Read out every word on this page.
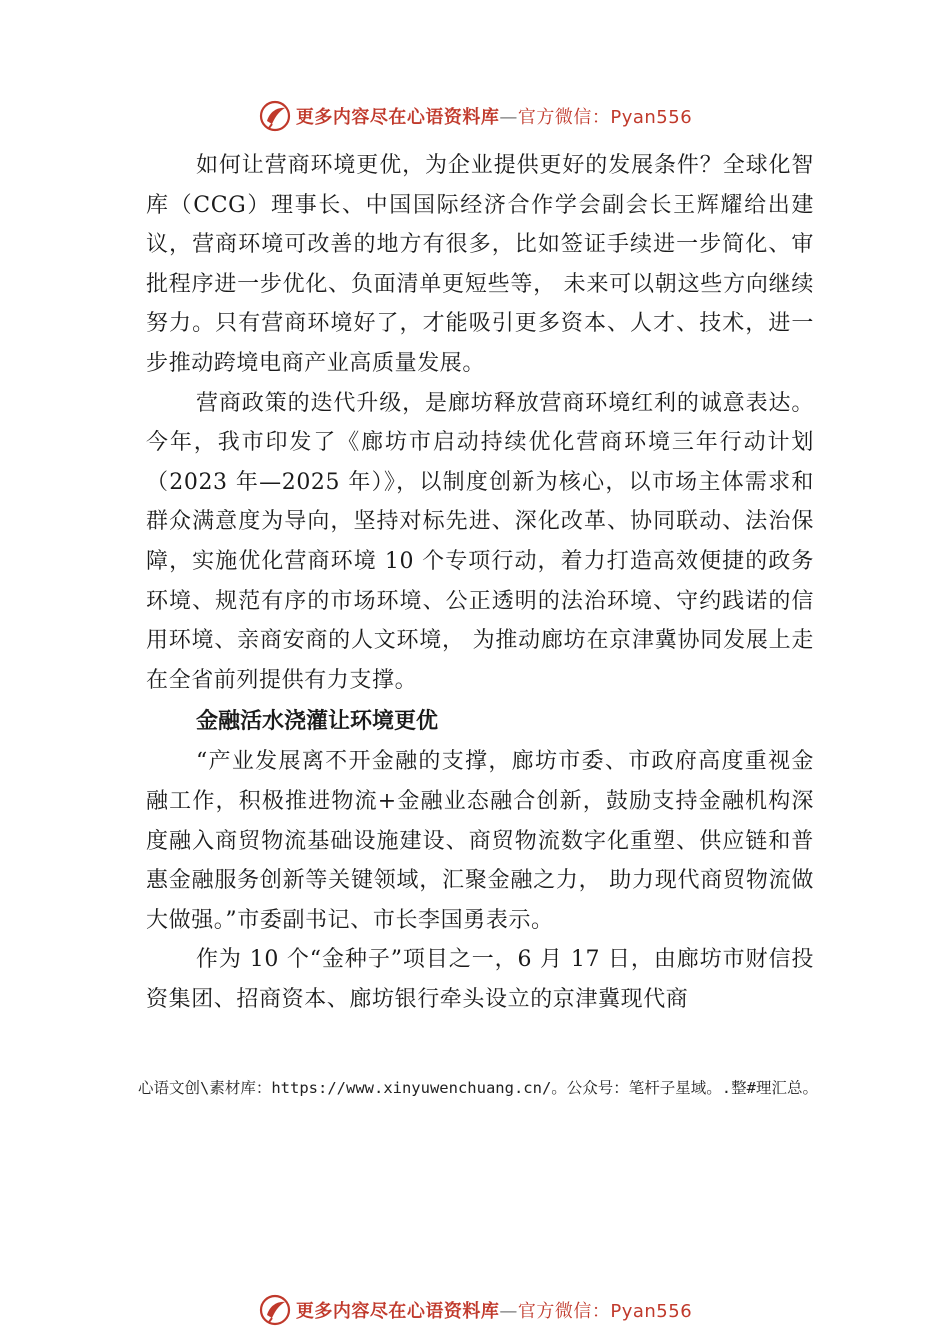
更多内容尽在心语资料库—官方微信：Pyan556

如何让营商环境更优，为企业提供更好的发展条件？全球化智库（CCG）理事长、中国国际经济合作学会副会长王辉耀给出建议，营商环境可改善的地方有很多，比如签证手续进一步简化、审批程序进一步优化、负面清单更短些等， 未来可以朝这些方向继续努力。只有营商环境好了，才能吸引更多资本、人才、技术，进一步推动跨境电商产业高质量发展。

营商政策的迭代升级，是廊坊释放营商环境红利的诚意表达。今年，我市印发了《廊坊市启动持续优化营商环境三年行动计划（2023 年—2025 年）》，以制度创新为核心，以市场主体需求和群众满意度为导向，坚持对标先进、深化改革、协同联动、法治保障，实施优化营商环境 10 个专项行动，着力打造高效便捷的政务环境、规范有序的市场环境、公正透明的法治环境、守约践诺的信用环境、亲商安商的人文环境， 为推动廊坊在京津冀协同发展上走在全省前列提供有力支撑。

金融活水浇灌让环境更优

“产业发展离不开金融的支撑，廊坊市委、市政府高度重视金融工作，积极推进物流+金融业态融合创新，鼓励支持金融机构深度融入商贸物流基础设施建设、商贸物流数字化重塑、供应链和普惠金融服务创新等关键领域，汇聚金融之力， 助力现代商贸物流做大做强。”市委副书记、市长李国勇表示。

作为 10 个“金种子”项目之一，6 月 17 日，由廊坊市财信投资集团、招商资本、廊坊银行牵头设立的京津冀现代商

心语文创\素材库：https://www.xinyuwenchuang.cn/。公众号：笔杆子星域。.整#理汇总。
更多内容尽在心语资料库—官方微信：Pyan556
